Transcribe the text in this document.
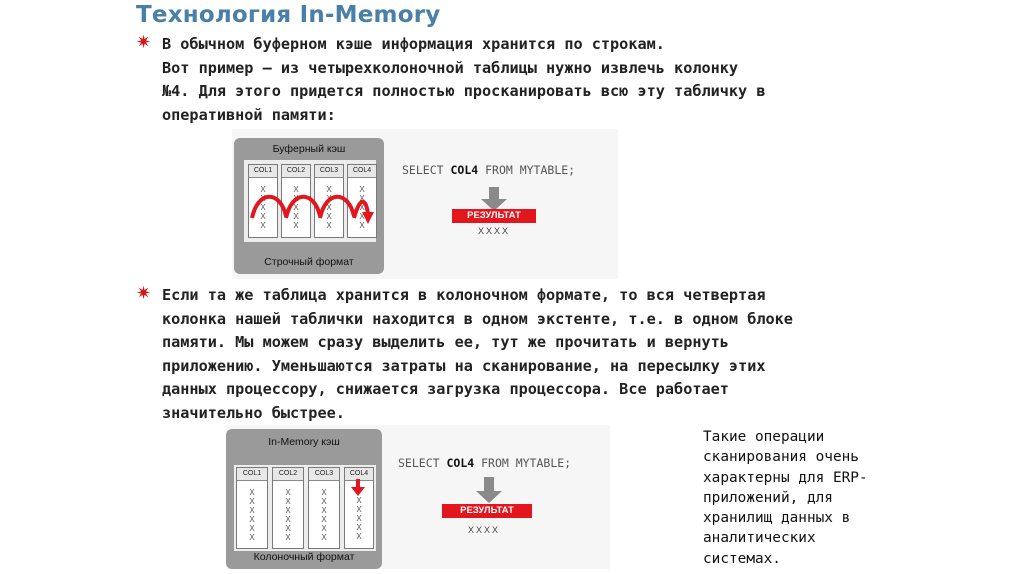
Технология In-Memory
✷ В обычном буферном кэше информация хранится по строкам.
Вот пример — из четырехколоночной таблицы нужно извлечь колонку
№4. Для этого придется полностью просканировать всю эту табличку в
оперативной памяти:
Буферный кэш
COL1
X
X
X
X
X
COL2
X
X
X
X
X
COL3
X
X
X
X
X
COL4
X
X
X
X
X
Строчный формат
SELECT COL4 FROM MYTABLE;
РЕЗУЛЬТАТ
XXXX
✷ Если та же таблица хранится в колоночном формате, то вся четвертая
колонка нашей таблички находится в одном экстенте, т.е. в одном блоке
памяти. Мы можем сразу выделить ее, тут же прочитать и вернуть
приложению. Уменьшаются затраты на сканирование, на пересылку этих
данных процессору, снижается загрузка процессора. Все работает
значительно быстрее.
In-Memory кэш
COL1
X
X
X
X
X
X
COL2
X
X
X
X
X
X
COL3
X
X
X
X
X
X
COL4
X
X
X
X
X
Колоночный формат
SELECT COL4 FROM MYTABLE;
РЕЗУЛЬТАТ
XXXX
Такие операции
сканирования очень
характерны для ERP-
приложений, для
хранилищ данных в
аналитических
системах.
